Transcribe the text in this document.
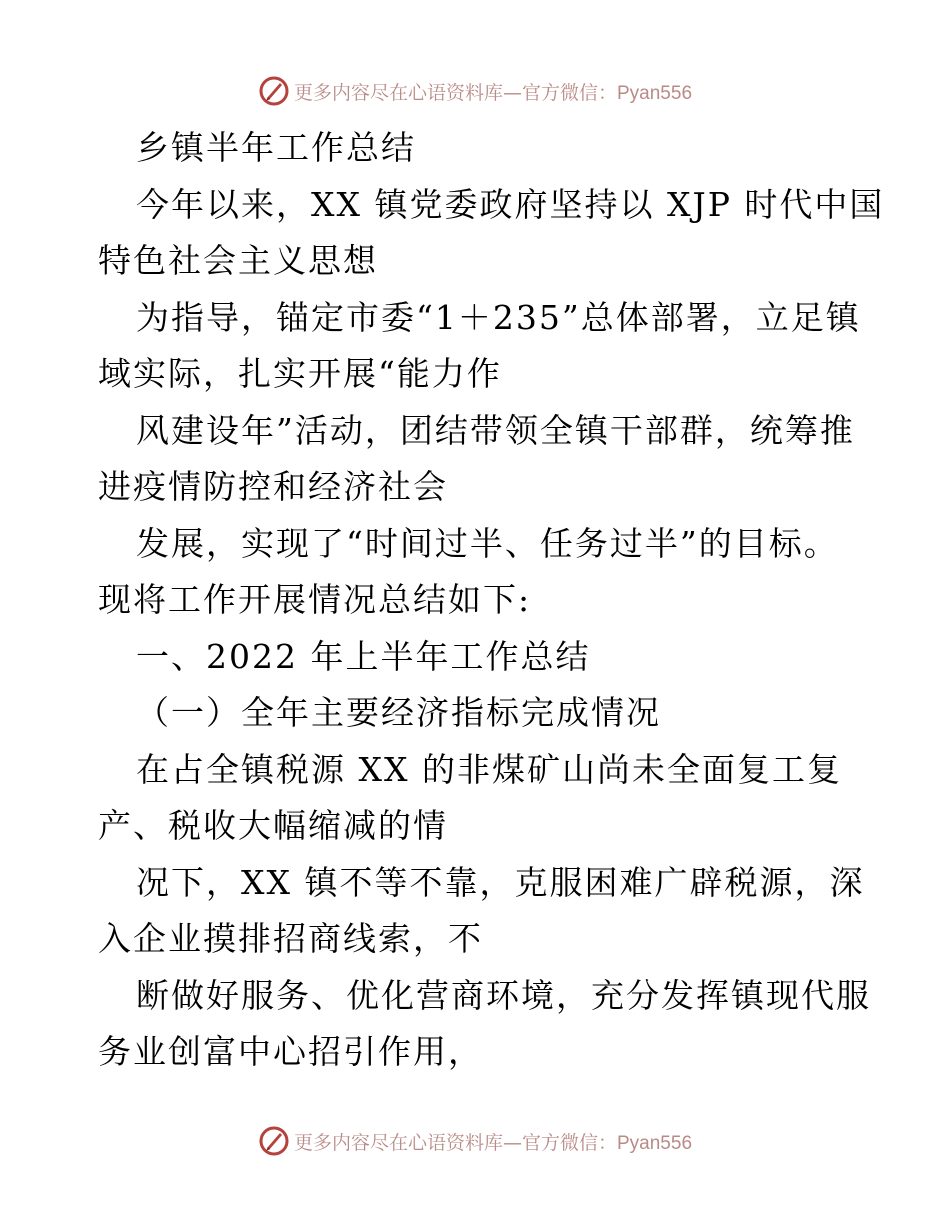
更多内容尽在心语资料库—官方微信：Pyan556
乡镇半年工作总结
今年以来，XX 镇党委政府坚持以 XJP 时代中国
特色社会主义思想
为指导，锚定市委“1＋235”总体部署，立足镇
域实际，扎实开展“能力作
风建设年”活动，团结带领全镇干部群，统筹推
进疫情防控和经济社会
发展，实现了“时间过半、任务过半”的目标。
现将工作开展情况总结如下:
一、2022 年上半年工作总结
（一）全年主要经济指标完成情况
在占全镇税源 XX 的非煤矿山尚未全面复工复
产、税收大幅缩减的情
况下，XX 镇不等不靠，克服困难广辟税源，深
入企业摸排招商线索，不
断做好服务、优化营商环境，充分发挥镇现代服
务业创富中心招引作用，
更多内容尽在心语资料库—官方微信：Pyan556
